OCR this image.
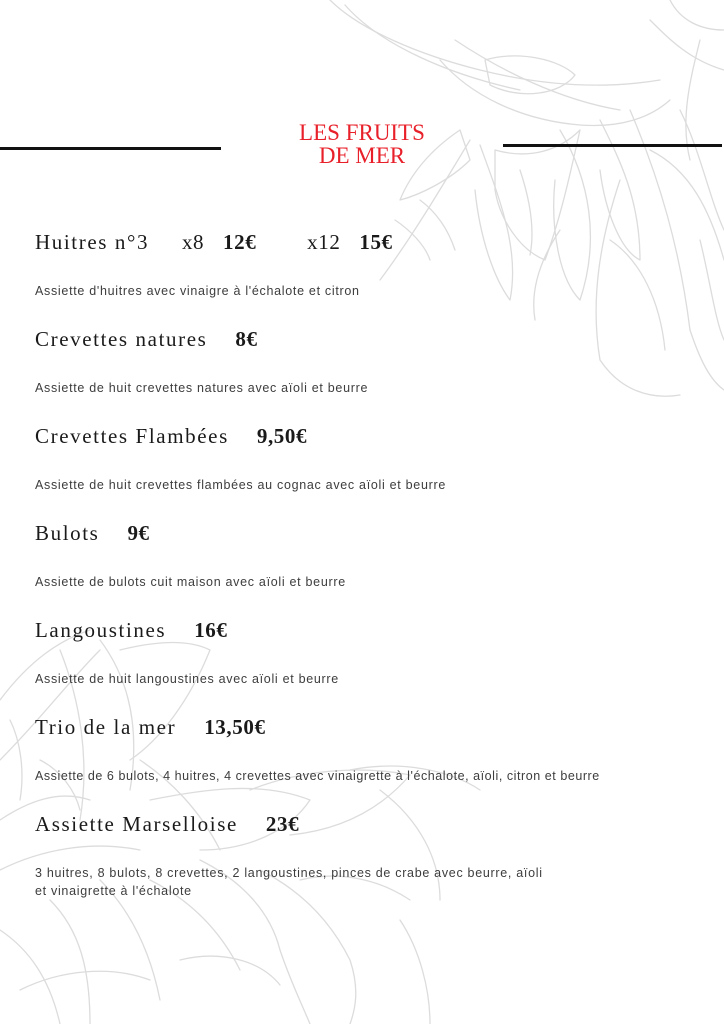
LES FRUITS
DE MER
Huitres n°3 x8 12€ x12 15€
Assiette d'huitres avec vinaigre à l'échalote et citron
Crevettes natures 8€
Assiette de huit crevettes natures avec aïoli et beurre
Crevettes Flambées 9,50€
Assiette de huit crevettes flambées au cognac avec aïoli et beurre
Bulots 9€
Assiette de bulots cuit maison avec aïoli et beurre
Langoustines 16€
Assiette de huit langoustines avec aïoli et beurre
Trio de la mer 13,50€
Assiette de 6 bulots, 4 huitres, 4 crevettes avec vinaigrette à l'échalote, aïoli, citron et beurre
Assiette Marselloise 23€
3 huitres, 8 bulots, 8 crevettes, 2 langoustines, pinces de crabe avec beurre, aïoli
et vinaigrette à l'échalote
